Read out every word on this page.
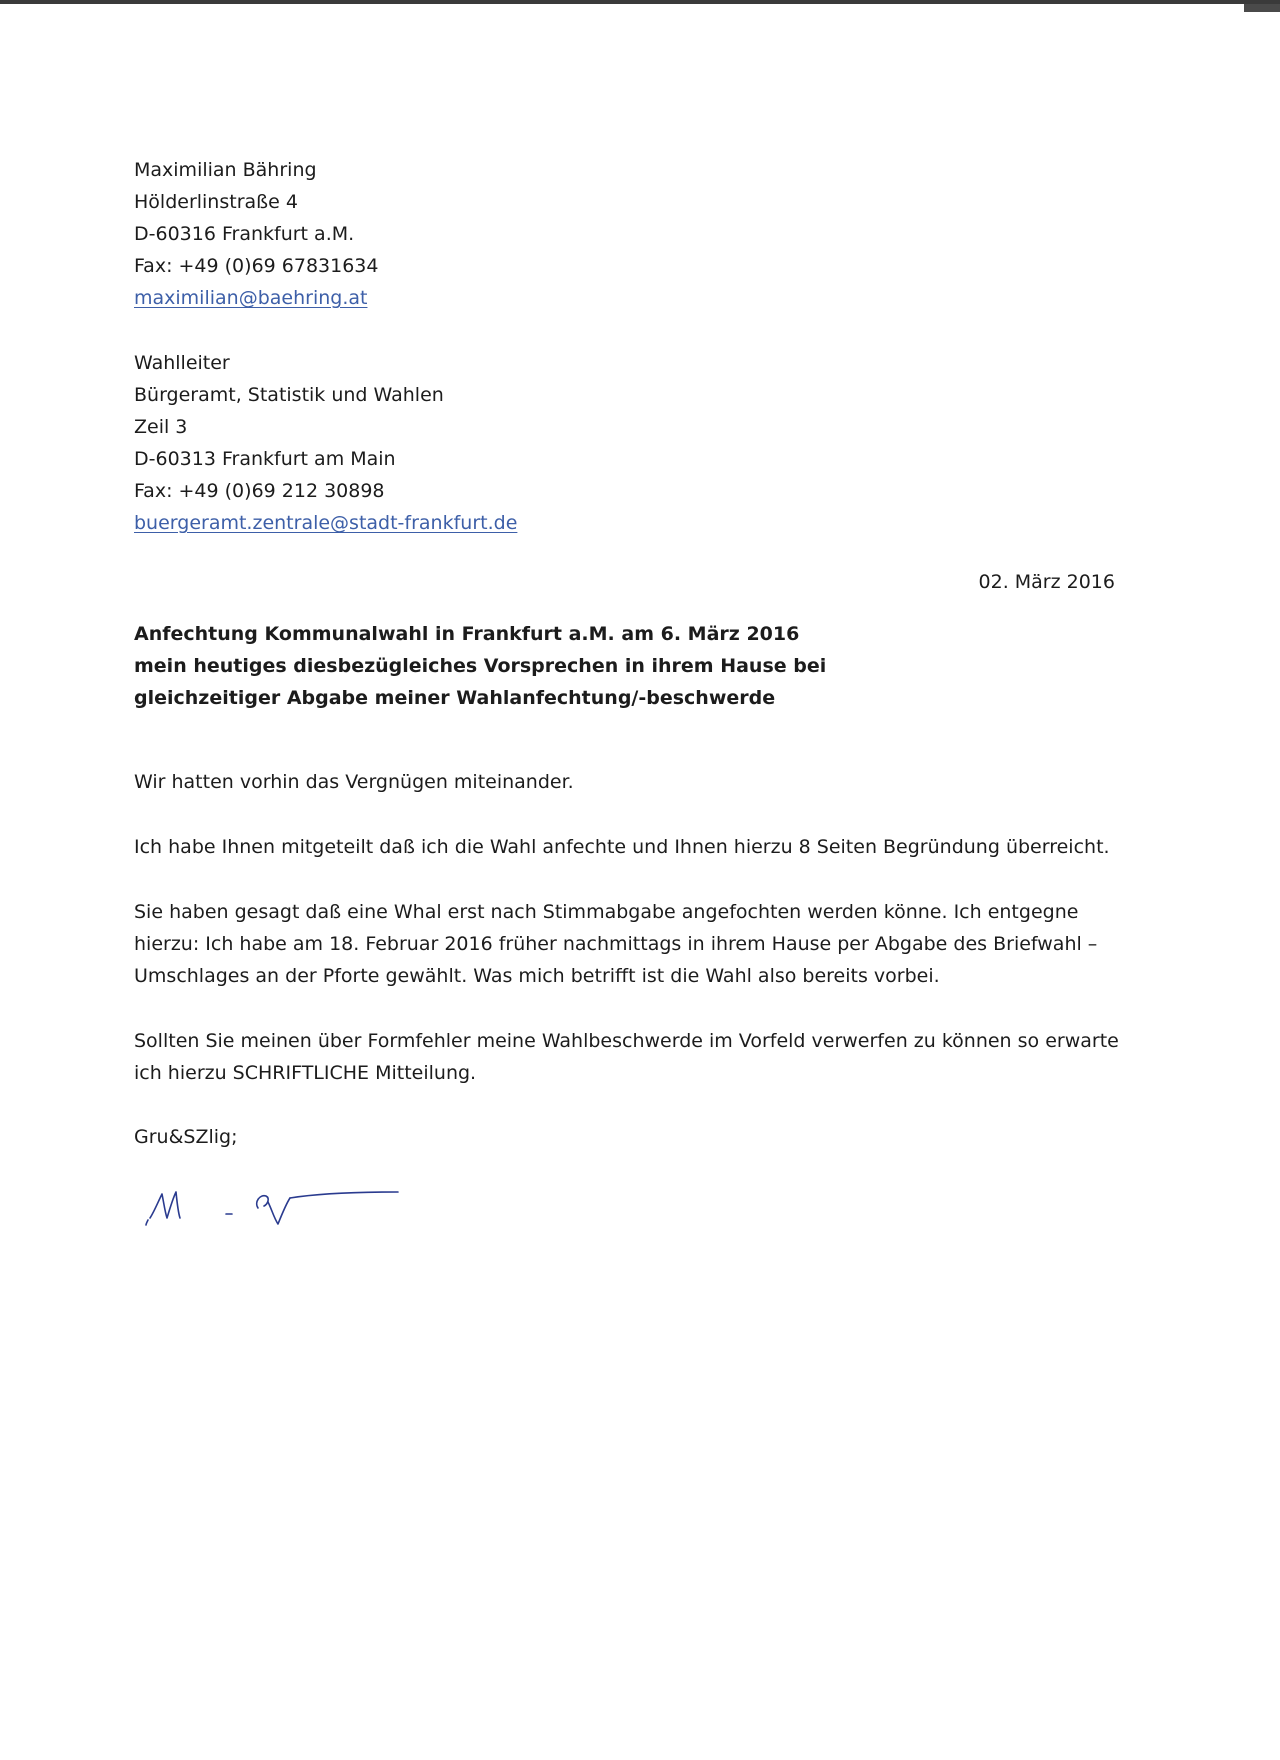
Maximilian Bähring
Hölderlinstraße 4
D-60316 Frankfurt a.M.
Fax: +49 (0)69 67831634
maximilian@baehring.at
Wahlleiter
Bürgeramt, Statistik und Wahlen
Zeil 3
D-60313 Frankfurt am Main
Fax: +49 (0)69 212 30898
buergeramt.zentrale@stadt-frankfurt.de
02. März 2016
Anfechtung Kommunalwahl in Frankfurt a.M. am 6. März 2016
mein heutiges diesbezügleiches Vorsprechen in ihrem Hause bei
gleichzeitiger Abgabe meiner Wahlanfechtung/-beschwerde
Wir hatten vorhin das Vergnügen miteinander.
Ich habe Ihnen mitgeteilt daß ich die Wahl anfechte und Ihnen hierzu 8 Seiten Begründung überreicht.
Sie haben gesagt daß eine Whal erst nach Stimmabgabe angefochten werden könne. Ich entgegne
hierzu: Ich habe am 18. Februar 2016 früher nachmittags in ihrem Hause per Abgabe des Briefwahl –
Umschlages an der Pforte gewählt. Was mich betrifft ist die Wahl also bereits vorbei.
Sollten Sie meinen über Formfehler meine Wahlbeschwerde im Vorfeld verwerfen zu können so erwarte
ich hierzu SCHRIFTLICHE Mitteilung.
Gru&SZlig;
